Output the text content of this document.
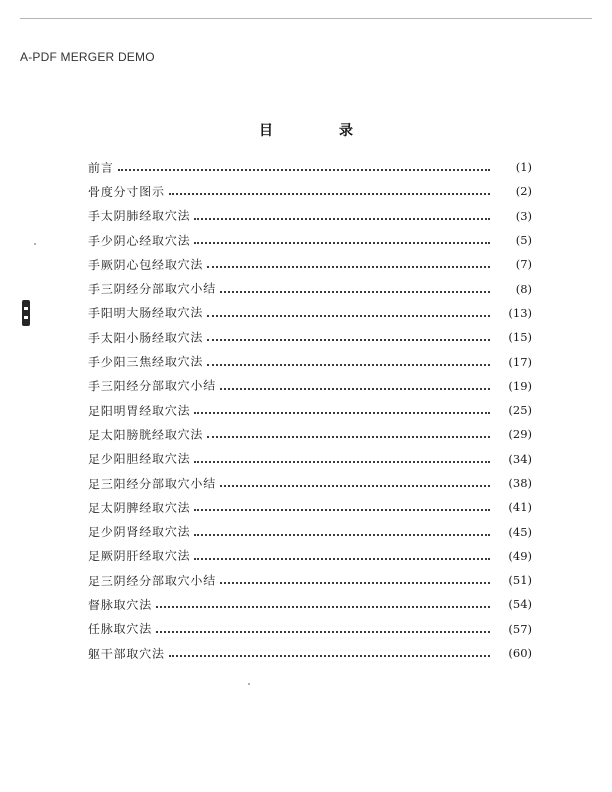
A-PDF MERGER DEMO
目	录
前言	(1)
骨度分寸图示	(2)
手太阴肺经取穴法	(3)
手少阴心经取穴法	(5)
手厥阴心包经取穴法	(7)
手三阴经分部取穴小结	(8)
手阳明大肠经取穴法	(13)
手太阳小肠经取穴法	(15)
手少阳三焦经取穴法	(17)
手三阳经分部取穴小结	(19)
足阳明胃经取穴法	(25)
足太阳膀胱经取穴法	(29)
足少阳胆经取穴法	(34)
足三阳经分部取穴小结	(38)
足太阴脾经取穴法	(41)
足少阴肾经取穴法	(45)
足厥阴肝经取穴法	(49)
足三阴经分部取穴小结	(51)
督脉取穴法	(54)
任脉取穴法	(57)
躯干部取穴法	(60)
